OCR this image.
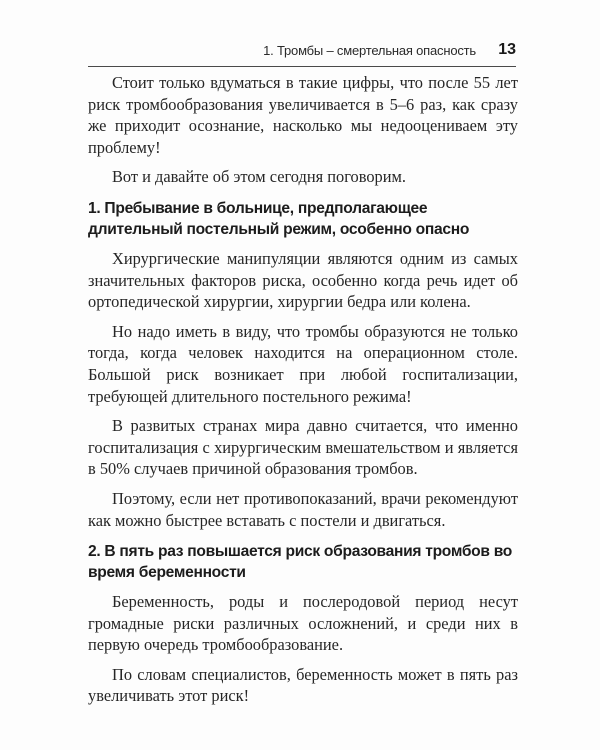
1. Тромбы – смертельная опасность 13

Стоит только вдуматься в такие цифры, что после 55 лет риск тромбообразования увеличивается в 5–6 раз, как сразу же приходит осознание, насколько мы недооцениваем эту проблему!

Вот и давайте об этом сегодня поговорим.

1. Пребывание в больнице, предполагающее длительный постельный режим, особенно опасно

Хирургические манипуляции являются одним из самых значительных факторов риска, особенно когда речь идет об ортопедической хирургии, хирургии бедра или колена.

Но надо иметь в виду, что тромбы образуются не только тогда, когда человек находится на операционном столе. Большой риск возникает при любой госпитализации, требующей длительного постельного режима!

В развитых странах мира давно считается, что именно госпитализация с хирургическим вмешательством и является в 50% случаев причиной образования тромбов.

Поэтому, если нет противопоказаний, врачи рекомендуют как можно быстрее вставать с постели и двигаться.

2. В пять раз повышается риск образования тромбов во время беременности

Беременность, роды и послеродовой период несут громадные риски различных осложнений, и среди них в первую очередь тромбообразование.

По словам специалистов, беременность может в пять раз увеличивать этот риск!
